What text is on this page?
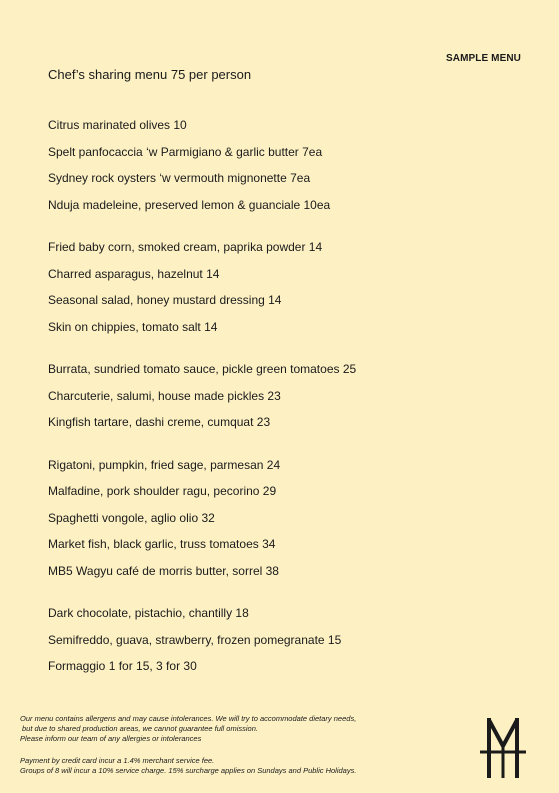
SAMPLE MENU
Chef’s sharing menu 75 per person
Citrus marinated olives 10
Spelt panfocaccia ‘w Parmigiano & garlic butter 7ea
Sydney rock oysters ‘w vermouth mignonette 7ea
Nduja madeleine, preserved lemon & guanciale 10ea
Fried baby corn, smoked cream, paprika powder 14
Charred asparagus, hazelnut 14
Seasonal salad, honey mustard dressing 14
Skin on chippies, tomato salt 14
Burrata, sundried tomato sauce, pickle green tomatoes 25
Charcuterie, salumi, house made pickles 23
Kingfish tartare, dashi creme, cumquat 23
Rigatoni, pumpkin, fried sage, parmesan 24
Malfadine, pork shoulder ragu, pecorino 29
Spaghetti vongole, aglio olio 32
Market fish, black garlic, truss tomatoes 34
MB5 Wagyu café de morris butter, sorrel 38
Dark chocolate, pistachio, chantilly 18
Semifreddo, guava, strawberry, frozen pomegranate 15
Formaggio 1 for 15, 3 for 30
Our menu contains allergens and may cause intolerances. We will try to accommodate dietary needs,
but due to shared production areas, we cannot guarantee full omission.
Please inform our team of any allergies or intolerances
Payment by credit card incur a 1.4% merchant service fee.
Groups of 8 will incur a 10% service charge. 15% surcharge applies on Sundays and Public Holidays.
